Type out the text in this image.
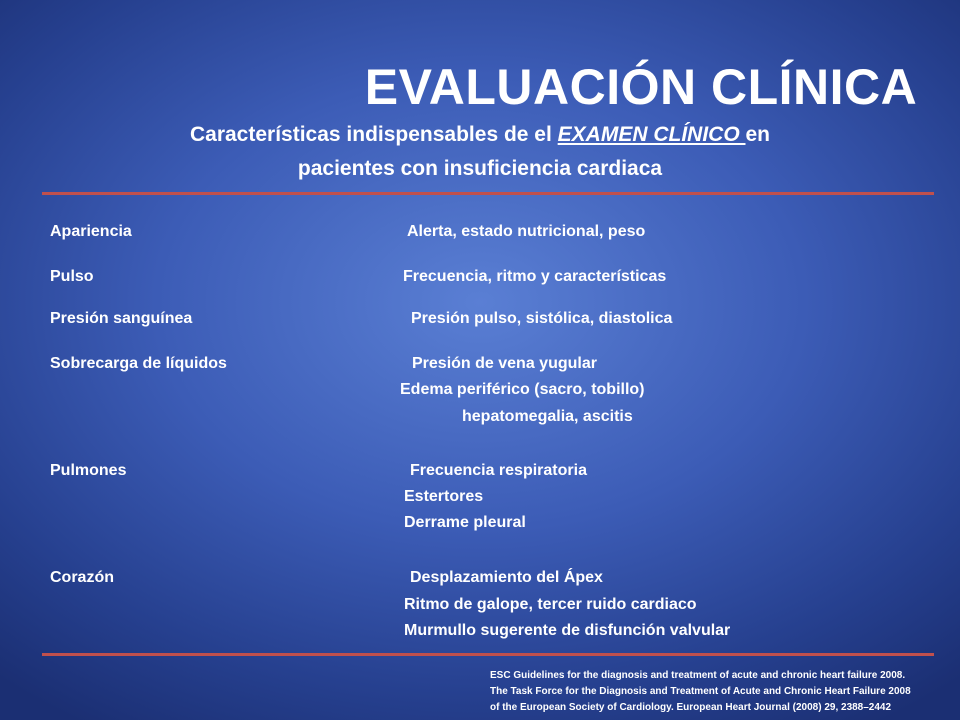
EVALUACIÓN CLÍNICA
Características indispensables de el EXAMEN CLÍNICO en
pacientes con insuficiencia cardiaca
Apariencia	Alerta, estado nutricional, peso
Pulso	Frecuencia, ritmo y características
Presión sanguínea	Presión pulso, sistólica, diastolica
Sobrecarga de líquidos	Presión de vena yugular
Edema periférico (sacro, tobillo)
hepatomegalia, ascitis
Pulmones	Frecuencia respiratoria
Estertores
Derrame pleural
Corazón	Desplazamiento del Ápex
Ritmo de galope, tercer ruido cardiaco
Murmullo sugerente de disfunción valvular
ESC Guidelines for the diagnosis and treatment of acute and chronic heart failure 2008.
The Task Force for the Diagnosis and Treatment of Acute and Chronic Heart Failure 2008
of the European Society of Cardiology. European Heart Journal (2008) 29, 2388–2442
